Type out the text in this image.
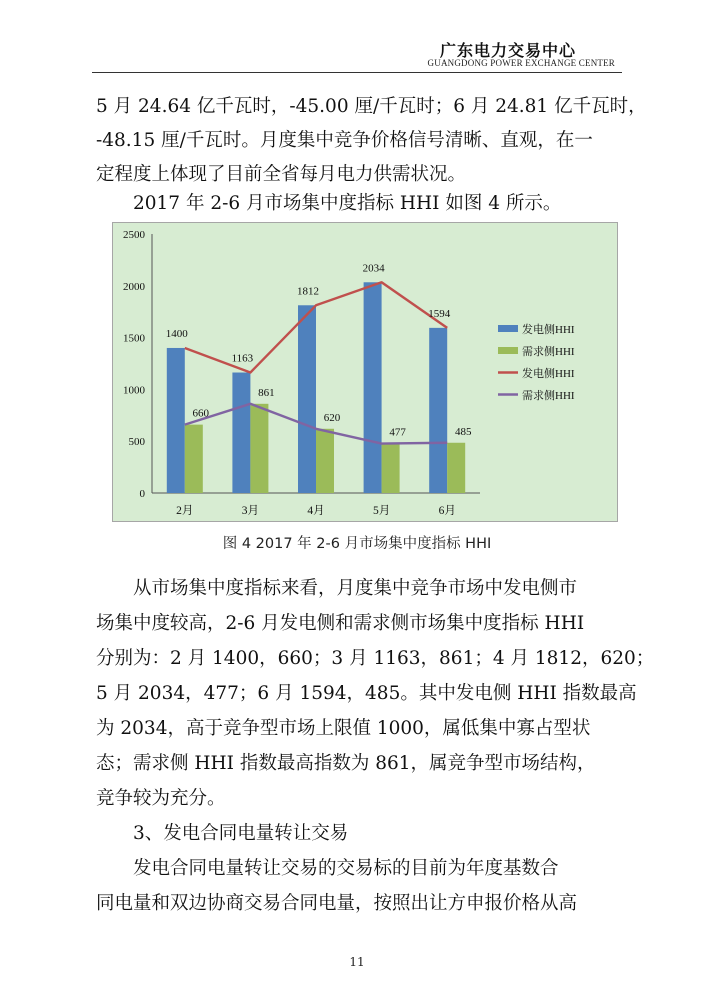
广东电力交易中心
GUANGDONG POWER EXCHANGE CENTER
5 月 24.64 亿千瓦时，-45.00 厘/千瓦时；6 月 24.81 亿千瓦时，
-48.15 厘/千瓦时。月度集中竞争价格信号清晰、直观，在一
定程度上体现了目前全省每月电力供需状况。
　　2017 年 2-6 月市场集中度指标 HHI 如图 4 所示。
0
500
1000
1500
2000
2500
2月	3月	4月	5月	6月
1400
1163
1812
2034
1594
660
861
620
477	485
发电侧HHI
需求侧HHI
发电侧HHI
需求侧HHI
图 4 2017 年 2-6 月市场集中度指标 HHI
　　从市场集中度指标来看，月度集中竞争市场中发电侧市
场集中度较高，2-6 月发电侧和需求侧市场集中度指标 HHI
分别为：2 月 1400，660；3 月 1163，861；4 月 1812，620；
5 月 2034，477；6 月 1594，485。其中发电侧 HHI 指数最高
为 2034，高于竞争型市场上限值 1000，属低集中寡占型状
态；需求侧 HHI 指数最高指数为 861，属竞争型市场结构，
竞争较为充分。
　　3、发电合同电量转让交易
　　发电合同电量转让交易的交易标的目前为年度基数合
同电量和双边协商交易合同电量，按照出让方申报价格从高
11
